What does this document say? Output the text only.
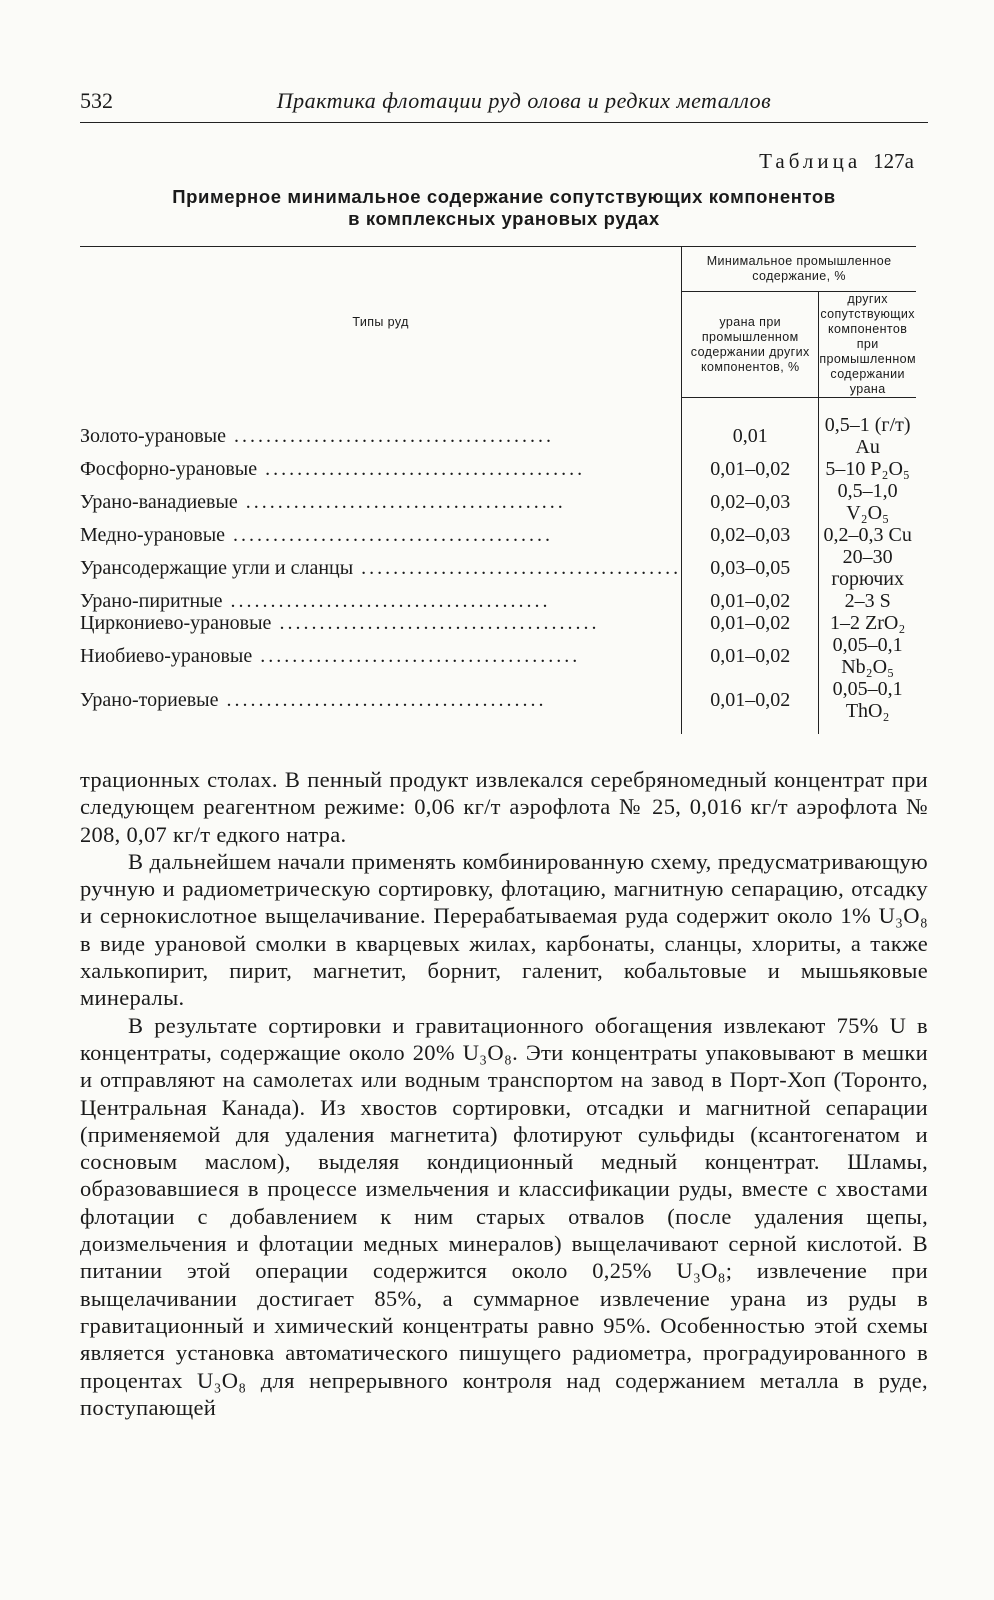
532	Практика флотации руд олова и редких металлов
Таблица 127а
Примерное минимальное содержание сопутствующих компонентов
в комплексных урановых рудах
Типы руд	Минимальное промышленное содержание, %	
	урана при промышленном содержании других компонентов, %	других сопутствующих компонентов при промышленном содержании урана
Золото-урановые ........................................	0,01	0,5–1 (г/т) Au
Фосфорно-урановые ........................................	0,01–0,02	5–10 P₂O₅
Урано-ванадиевые ........................................	0,02–0,03	0,5–1,0 V₂O₅
Медно-урановые ........................................	0,02–0,03	0,2–0,3 Cu
Урансодержащие угли и сланцы ........................................	0,03–0,05	20–30 горючих
Урано-пиритные ........................................	0,01–0,02	2–3 S
Циркониево-урановые ........................................	0,01–0,02	1–2 ZrO₂
Ниобиево-урановые ........................................	0,01–0,02	0,05–0,1 Nb₂O₅
Урано-ториевые ........................................	0,01–0,02	0,05–0,1 ThO₂

трационных столах. В пенный продукт извлекался серебряномедный концентрат при следующем реагентном режиме: 0,06 кг/т аэрофлота № 25, 0,016 кг/т аэрофлота № 208, 0,07 кг/т едкого натра.

В дальнейшем начали применять комбинированную схему, предусматривающую ручную и радиометрическую сортировку, флотацию, магнитную сепарацию, отсадку и сернокислотное выщелачивание. Перерабатываемая руда содержит около 1% U₃O₈ в виде урановой смолки в кварцевых жилах, карбонаты, сланцы, хлориты, а также халькопирит, пирит, магнетит, борнит, галенит, кобальтовые и мышьяковые минералы.

В результате сортировки и гравитационного обогащения извлекают 75% U в концентраты, содержащие около 20% U₃O₈. Эти концентраты упаковывают в мешки и отправляют на самолетах или водным транспортом на завод в Порт-Хоп (Торонто, Центральная Канада). Из хвостов сортировки, отсадки и магнитной сепарации (применяемой для удаления магнетита) флотируют сульфиды (ксантогенатом и сосновым маслом), выделяя кондиционный медный концентрат. Шламы, образовавшиеся в процессе измельчения и классификации руды, вместе с хвостами флотации с добавлением к ним старых отвалов (после удаления щепы, доизмельчения и флотации медных минералов) выщелачивают серной кислотой. В питании этой операции содержится около 0,25% U₃O₈; извлечение при выщелачивании достигает 85%, а суммарное извлечение урана из руды в гравитационный и химический концентраты равно 95%. Особенностью этой схемы является установка автоматического пишущего радиометра, проградуированного в процентах U₃O₈ для непрерывного контроля над содержанием металла в руде, поступающей
